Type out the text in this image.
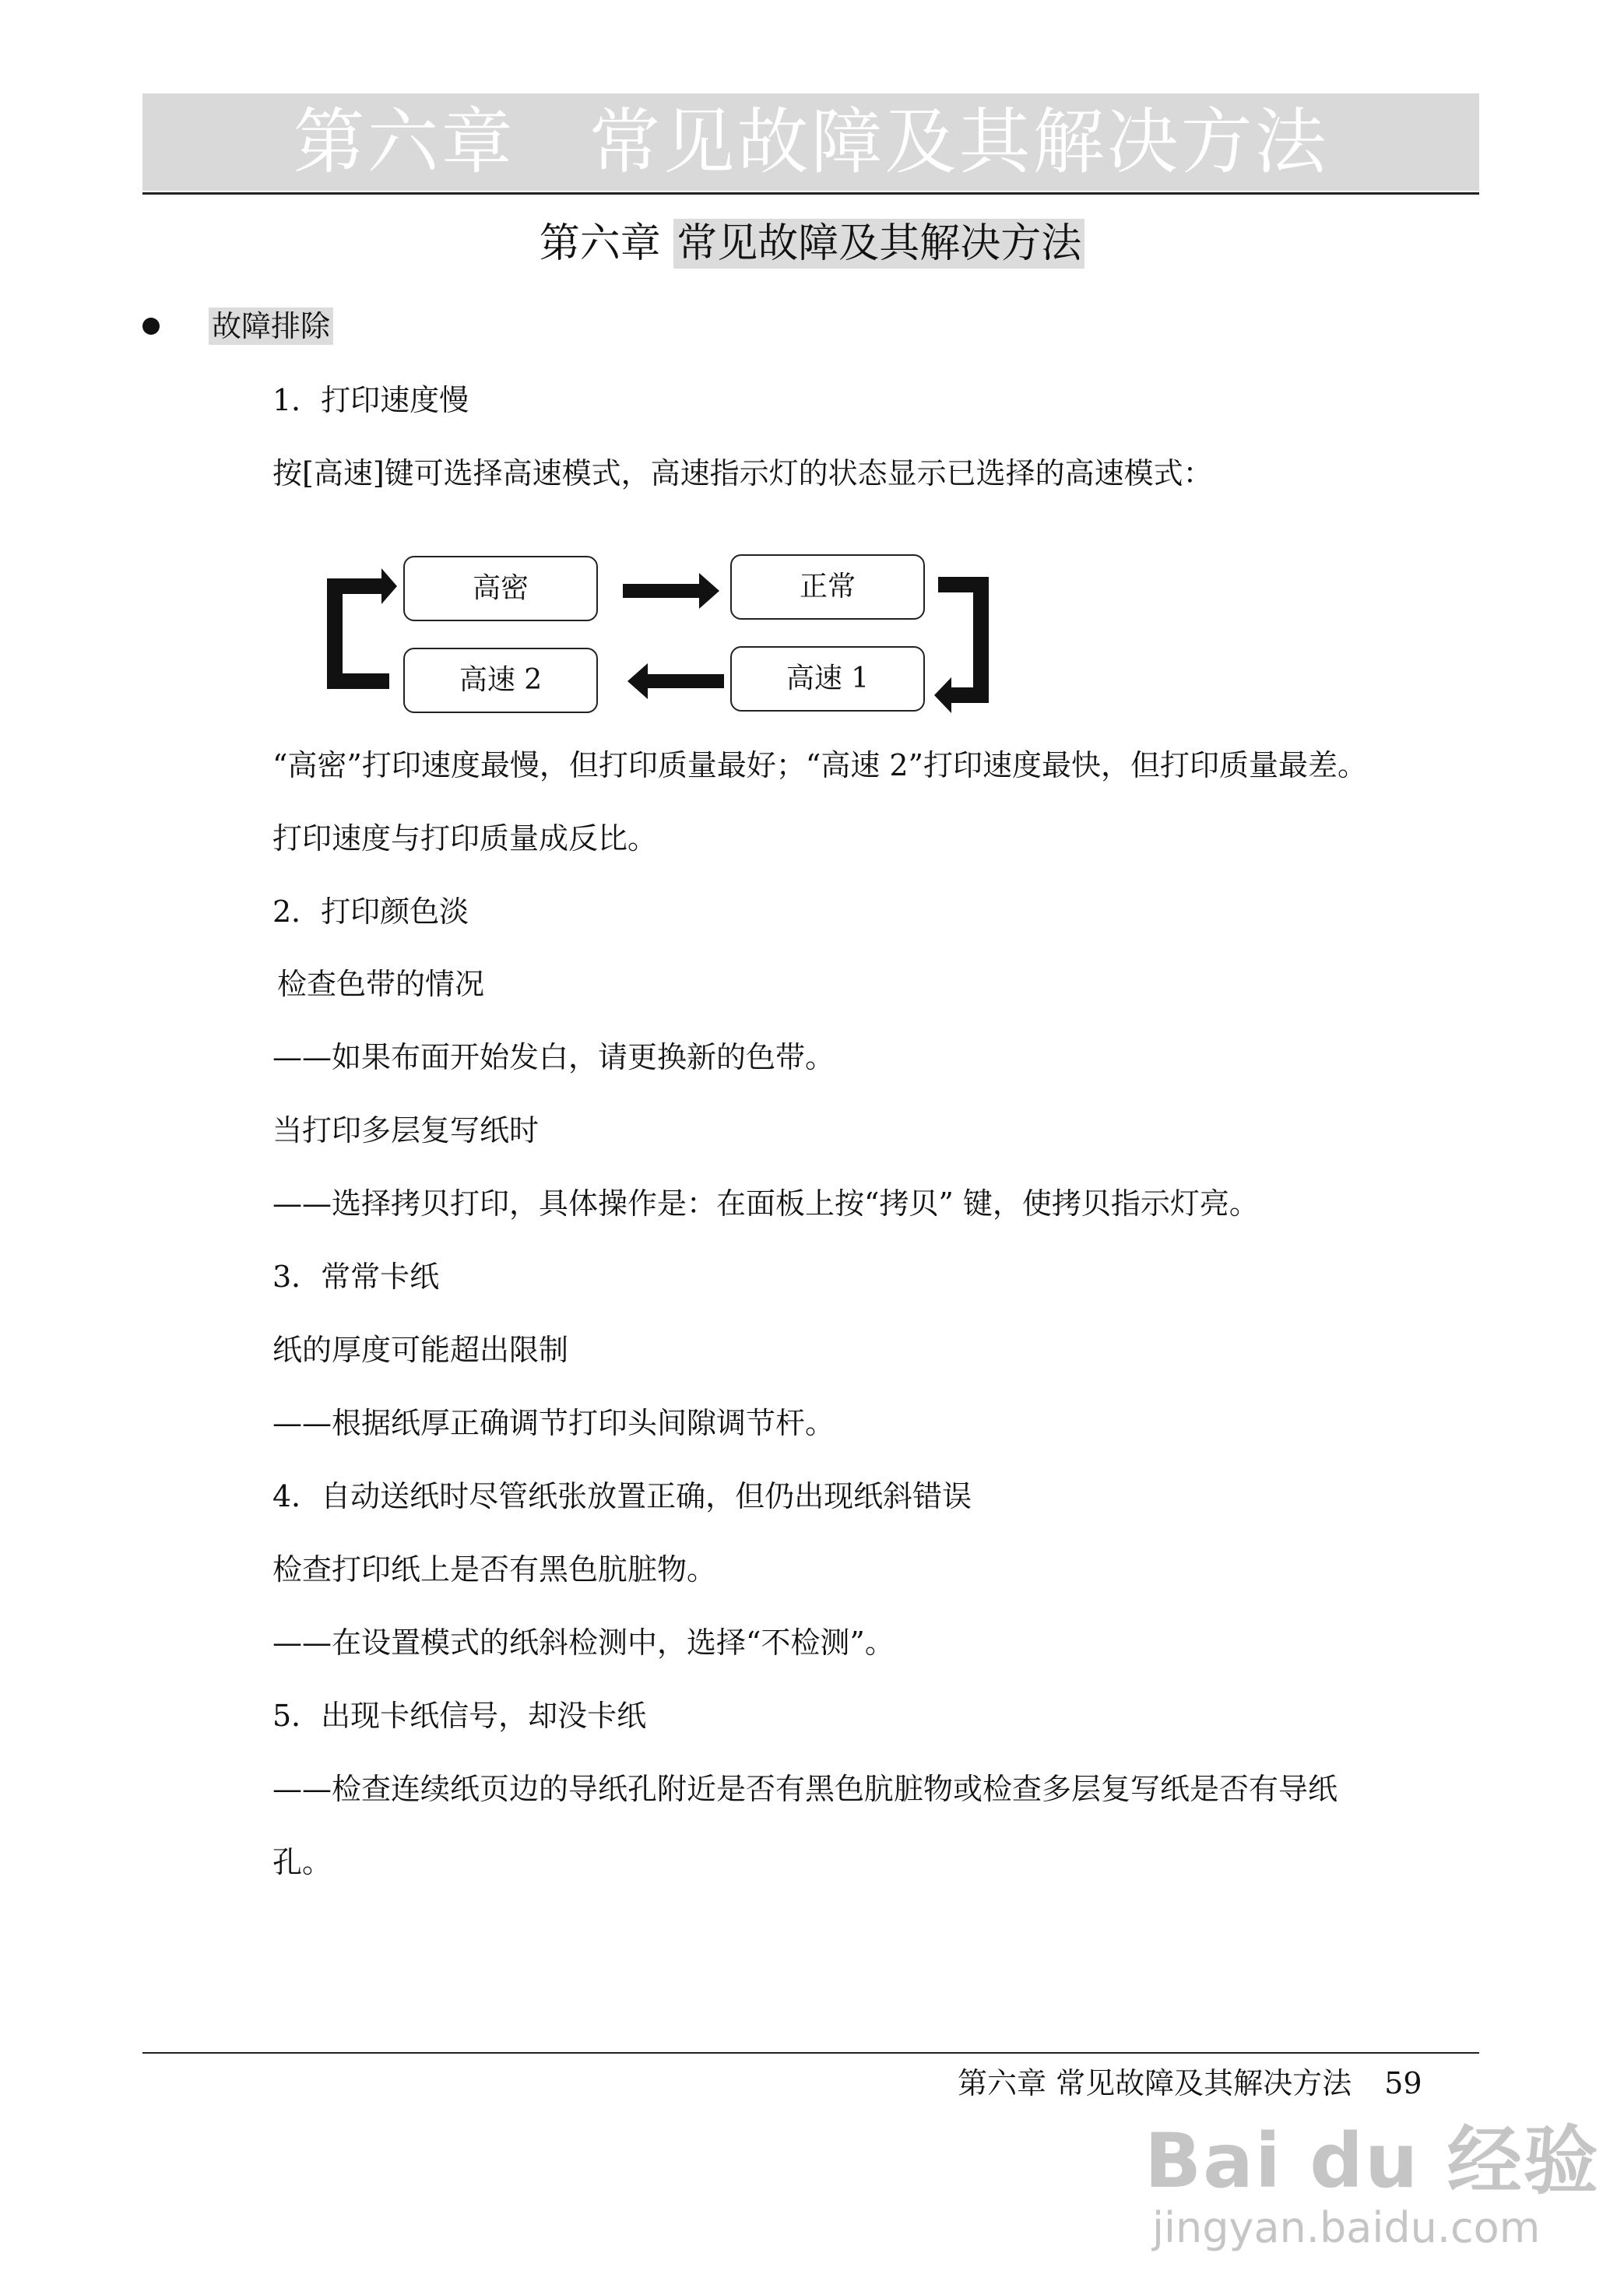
第六章　常见故障及其解决方法
第六章 常见故障及其解决方法
故障排除
1．打印速度慢
按[高速]键可选择高速模式，高速指示灯的状态显示已选择的高速模式：
高密	正常
高速 1
高速 2
“高密”打印速度最慢，但打印质量最好；“高速 2”打印速度最快，但打印质量最差。
打印速度与打印质量成反比。
2．打印颜色淡
检查色带的情况
——如果布面开始发白，请更换新的色带。
当打印多层复写纸时
——选择拷贝打印，具体操作是：在面板上按“拷贝” 键，使拷贝指示灯亮。
3．常常卡纸
纸的厚度可能超出限制
——根据纸厚正确调节打印头间隙调节杆。
4．自动送纸时尽管纸张放置正确，但仍出现纸斜错误
检查打印纸上是否有黑色肮脏物。
——在设置模式的纸斜检测中，选择“不检测”。
5．出现卡纸信号，却没卡纸
——检查连续纸页边的导纸孔附近是否有黑色肮脏物或检查多层复写纸是否有导纸
孔。
第六章 常见故障及其解决方法 59
Bai du 经验
jingyan.baidu.com
